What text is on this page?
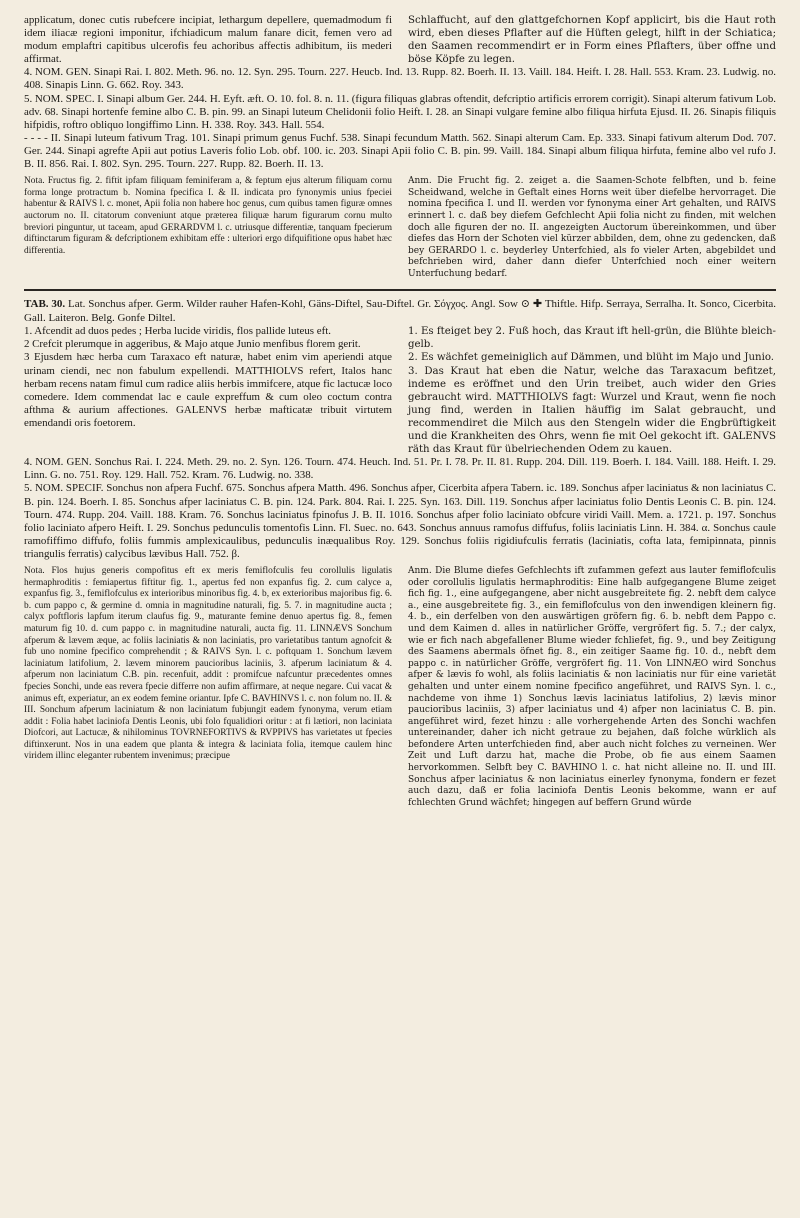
applicatum, donec cutis rubefcere incipiat, lethargum depellere, quemadmodum fi idem iliacæ regioni imponitur, ifchiadicum malum fanare dicit, femen vero ad modum emplaftri capitibus ulcerofis feu achoribus affectis adhibitum, iis mederi affirmat.

Schlaffucht, auf den glattgefchornen Kopf applicirt, bis die Haut roth wird, eben dieses Pflafter auf die Hüften gelegt, hilft in der Schiatica; den Saamen recommendirt er in Form eines Pflafters, über offne und böse Köpfe zu legen.

4. NOM. GEN. Sinapi Rai. I. 802. Meth. 96. no. 12. Syn. 295. Tourn. 227. Heucb. Ind. 13. Rupp. 82. Boerh. II. 13. Vaill. 184. Heift. I. 28. Hall. 553. Kram. 23. Ludwig. no. 408. Sinapis Linn. G. 662. Roy. 343.

5. NOM. SPEC. I. Sinapi album Ger. 244. H. Eyft. æft. O. 10. fol. 8. n. 11. (figura filiquas glabras oftendit, defcriptio artificis errorem corrigit). Sinapi alterum fativum Lob. adv. 68. Sinapi hortenfe femine albo C. B. pin. 99. an Sinapi luteum Chelidonii folio Heift. I. 28. an Sinapi vulgare femine albo filiqua hirfuta Ejusd. II. 26. Sinapis filiquis hifpidis, roftro obliquo longiffimo Linn. H. 338. Roy. 343. Hall. 554.

- - - - II. Sinapi luteum fativum Trag. 101. Sinapi primum genus Fuchf. 538. Sinapi fecundum Matth. 562. Sinapi alterum Cam. Ep. 333. Sinapi fativum alterum Dod. 707. Ger. 244. Sinapi agrefte Apii aut potius Laveris folio Lob. obf. 100. ic. 203. Sinapi Apii folio C. B. pin. 99. Vaill. 184. Sinapi album filiqua hirfuta, femine albo vel rufo J. B. II. 856. Rai. I. 802. Syn. 295. Tourn. 227. Rupp. 82. Boerh. II. 13.

Nota. Fructus fig. 2. fiftit ipfam filiquam feminiferam a, & feptum ejus alterum filiquam cornu forma longe protractum b. Nomina fpecifica I. & II. indicata pro fynonymis unius fpeciei habentur & RAIVS l. c. monet, Apii folia non habere hoc genus, cum quibus tamen figuræ omnes auctorum no. II. citatorum conveniunt atque præterea filiquæ harum figurarum cornu multo breviori pinguntur, ut taceam, apud GERARDVM l. c. utriusque differentiæ, tanquam fpecierum diftinctarum figuram & defcriptionem exhibitam effe : ulteriori ergo difquifitione opus habet hæc differentia.

Anm. Die Frucht fig. 2. zeiget a. die Saamen-Schote felbften, und b. feine Scheidwand, welche in Geftalt eines Horns weit über diefelbe hervorraget. Die nomina fpecifica I. und II. werden vor fynonyma einer Art gehalten, und RAIVS erinnert l. c. daß bey diefem Gefchlecht Apii folia nicht zu finden, mit welchen doch alle figuren der no. II. angezeigten Auctorum übereinkommen, und über diefes das Horn der Schoten viel kürzer abbilden, dem, ohne zu gedencken, daß bey GERARDO l. c. beyderley Unterfchied, als fo vieler Arten, abgebildet und befchrieben wird, daher dann diefer Unterfchied noch einer weitern Unterfuchung bedarf.

TAB. 30. Lat. Sonchus afper. Germ. Wilder rauher Hafen-Kohl, Gäns-Diftel, Sau-Diftel. Gr. Σόγχος. Angl. Sow ⊙ ✚ Thiftle. Hifp. Serraya, Serralha. It. Sonco, Cicerbita. Gall. Laiteron. Belg. Gonfe Diltel.

1. Afcendit ad duos pedes ; Herba lucide viridis, flos pallide luteus eft.

2 Crefcit plerumque in aggeribus, & Majo atque Junio menfibus florem gerit.

3 Ejusdem hæc herba cum Taraxaco eft naturæ, habet enim vim aperiendi atque urinam ciendi, nec non fabulum expellendi. MATTHIOLVS refert, Italos hanc herbam recens natam fimul cum radice aliis herbis immifcere, atque fic lactucæ loco comedere. Idem commendat lac e caule expreffum & cum oleo coctum contra afthma & aurium affectiones. GALENVS herbæ mafticatæ tribuit virtutem emendandi oris foetorem.

1. Es fteiget bey 2. Fuß hoch, das Kraut ift hell-grün, die Blühte bleich-gelb.

2. Es wächfet gemeiniglich auf Dämmen, und blüht im Majo und Junio.

3. Das Kraut hat eben die Natur, welche das Taraxacum befitzet, indeme es eröffnet und den Urin treibet, auch wider den Gries gebraucht wird. MATTHIOLVS fagt: Wurzel und Kraut, wenn fie noch jung find, werden in Italien häuffig im Salat gebraucht, und recommendiret die Milch aus den Stengeln wider die Engbrüftigkeit und die Krankheiten des Ohrs, wenn fie mit Oel gekocht ift. GALENVS räth das Kraut für übelriechenden Odem zu kauen.

4. NOM. GEN. Sonchus Rai. I. 224. Meth. 29. no. 2. Syn. 126. Tourn. 474. Heuch. Ind. 51. Pr. I. 78. Pr. II. 81. Rupp. 204. Dill. 119. Boerh. I. 184. Vaill. 188. Heift. I. 29. Linn. G. no. 751. Roy. 129. Hall. 752. Kram. 76. Ludwig. no. 338.

5. NOM. SPECIF. Sonchus non afpera Fuchf. 675. Sonchus afpera Matth. 496. Sonchus afper, Cicerbita afpera Tabern. ic. 189. Sonchus afper laciniatus & non laciniatus C. B. pin. 124. Boerh. I. 85. Sonchus afper laciniatus C. B. pin. 124. Park. 804. Rai. I. 225. Syn. 163. Dill. 119. Sonchus afper laciniatus folio Dentis Leonis C. B. pin. 124. Tourn. 474. Rupp. 204. Vaill. 188. Kram. 76. Sonchus laciniatus fpinofus J. B. II. 1016. Sonchus afper folio laciniato obfcure viridi Vaill. Mem. a. 1721. p. 197. Sonchus folio laciniato afpero Heift. I. 29. Sonchus pedunculis tomentofis Linn. Fl. Suec. no. 643. Sonchus annuus ramofus diffufus, foliis laciniatis Linn. H. 384. α. Sonchus caule ramofiffimo diffufo, foliis fummis amplexicaulibus, pedunculis inæqualibus Roy. 129. Sonchus foliis rigidiufculis ferratis (laciniatis, cofta lata, femipinnata, pinnis triangulis ferratis) calycibus lævibus Hall. 752. β.

Nota. Flos hujus generis compofitus eft ex meris femiflofculis feu corollulis ligulatis hermaphroditis : femiapertus fiftitur fig. 1., apertus fed non expanfus fig. 2. cum calyce a, expanfus fig. 3., femiflofculus ex interioribus minoribus fig. 4. b, ex exterioribus majoribus fig. 6. b. cum pappo c, & germine d. omnia in magnitudine naturali, fig. 5. 7. in magnitudine aucta ; calyx poftfloris lapfum iterum claufus fig. 9., maturante femine denuo apertus fig. 8., femen maturum fig 10. d. cum pappo c. in magnitudine naturali, aucta fig. 11. LINNÆVS Sonchum afperum & lævem æque, ac foliis laciniatis & non laciniatis, pro varietatibus tantum agnofcit & fub uno nomine fpecifico comprehendit ; & RAIVS Syn. l. c. poftquam 1. Sonchum lævem laciniatum latifolium, 2. lævem minorem paucioribus laciniis, 3. afperum laciniatum & 4. afperum non laciniatum C.B. pin. recenfuit, addit : promifcue nafcuntur præcedentes omnes fpecies Sonchi, unde eas revera fpecie differre non aufim affirmare, at neque negare. Cui vacat & animus eft, experiatur, an ex eodem femine oriantur. Ipfe C. BAVHINVS l. c. non folum no. II. & III. Sonchum afperum laciniatum & non laciniatum fubjungit eadem fynonyma, verum etiam addit : Folia habet laciniofa Dentis Leonis, ubi folo fqualidiori oritur : at fi lætiori, non laciniata Diofcori, aut Lactucæ, & nihilominus TOVRNEFORTIVS & RVPPIVS has varietates ut fpecies diftinxerunt. Nos in una eadem que planta & integra & laciniata folia, itemque caulem hinc viridem illinc eleganter rubentem invenimus; præcipue

Anm. Die Blume diefes Gefchlechts ift zufammen gefezt aus lauter femiflofculis oder corollulis ligulatis hermaphroditis: Eine halb aufgegangene Blume zeiget fich fig. 1., eine aufgegangene, aber nicht ausgebreitete fig. 2. nebft dem calyce a., eine ausgebreitete fig. 3., ein femiflofculus von den inwendigen kleinern fig. 4. b., ein derfelben von den auswärtigen gröfern fig. 6. b. nebft dem Pappo c. und dem Kaimen d. alles in natürlicher Gröffe, vergröfert fig. 5. 7.; der calyx, wie er fich nach abgefallener Blume wieder fchliefet, fig. 9., und bey Zeitigung des Saamens abermals öfnet fig. 8., ein zeitiger Saame fig. 10. d., nebft dem pappo c. in natürlicher Gröffe, vergröfert fig. 11. Von LINNÆO wird Sonchus afper & lævis fo wohl, als foliis laciniatis & non laciniatis nur für eine varietät gehalten und unter einem nomine fpecifico angeführet, und RAIVS Syn. l. c., nachdeme von ihme 1) Sonchus lævis laciniatus latifolius, 2) lævis minor paucioribus laciniis, 3) afper laciniatus und 4) afper non laciniatus C. B. pin. angeführet wird, fezet hinzu : alle vorhergehende Arten des Sonchi wachfen untereinander, daher ich nicht getraue zu bejahen, daß folche würklich als befondere Arten unterfchieden find, aber auch nicht folches zu verneinen. Wer Zeit und Luft darzu hat, mache die Probe, ob fie aus einem Saamen hervorkommen. Selbft bey C. BAVHINO l. c. hat nicht alleine no. II. und III. Sonchus afper laciniatus & non laciniatus einerley fynonyma, fondern er fezet auch dazu, daß er folia laciniofa Dentis Leonis bekomme, wann er auf fchlechten Grund wächfet; hingegen auf beffern Grund würde
